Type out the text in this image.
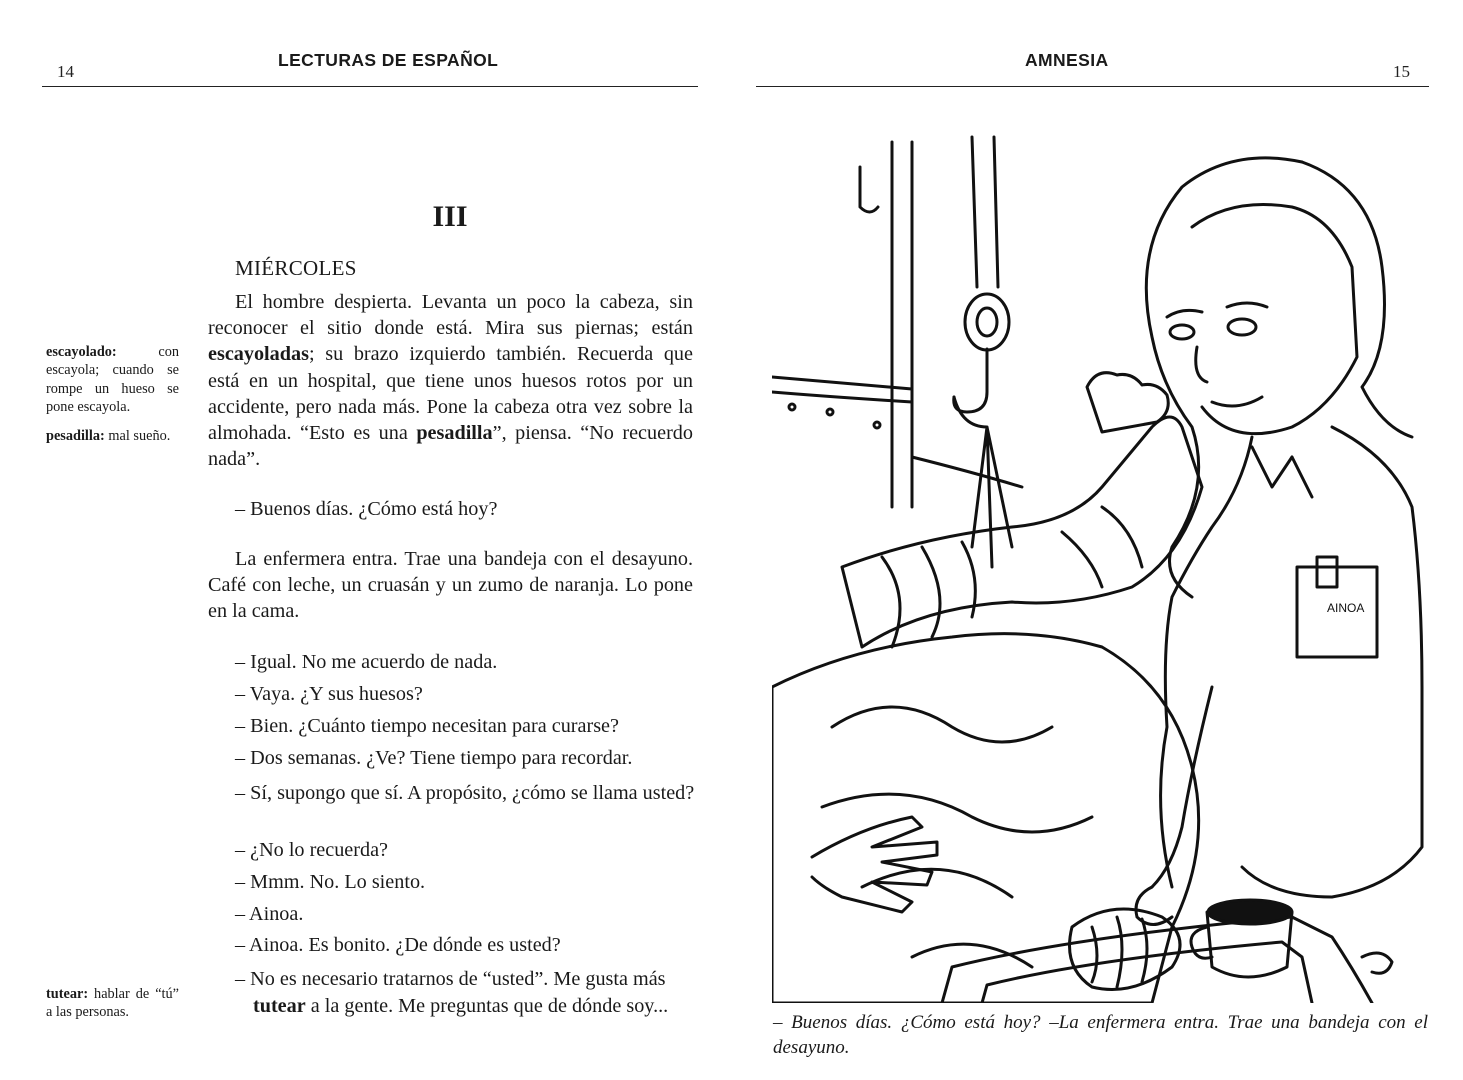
14
LECTURAS DE ESPAÑOL
III
MIÉRCOLES
El hombre despierta. Levanta un poco la cabeza, sin reconocer el sitio donde está. Mira sus piernas; están escayoladas; su brazo izquierdo también. Recuerda que está en un hospital, que tiene unos huesos rotos por un accidente, pero nada más. Pone la cabeza otra vez sobre la almohada. “Esto es una pesadilla”, piensa. “No recuerdo nada”.
– Buenos días. ¿Cómo está hoy?
La enfermera entra. Trae una bandeja con el desayuno. Café con leche, un cruasán y un zumo de naranja. Lo pone en la cama.
– Igual. No me acuerdo de nada.
– Vaya. ¿Y sus huesos?
– Bien. ¿Cuánto tiempo necesitan para curarse?
– Dos semanas. ¿Ve? Tiene tiempo para recordar.
– Sí, supongo que sí. A propósito, ¿cómo se llama usted?
– ¿No lo recuerda?
– Mmm. No. Lo siento.
– Ainoa.
– Ainoa. Es bonito. ¿De dónde es usted?
– No es necesario tratarnos de “usted”. Me gusta más tutear a la gente. Me preguntas que de dónde soy...
escayolado: con escayola; cuando se rompe un hueso se pone escayola.
pesadilla: mal sueño.
tutear: hablar de “tú” a las personas.
AMNESIA
15
AINOA
– Buenos días. ¿Cómo está hoy? –La enfermera entra. Trae una bandeja con el desayuno.
